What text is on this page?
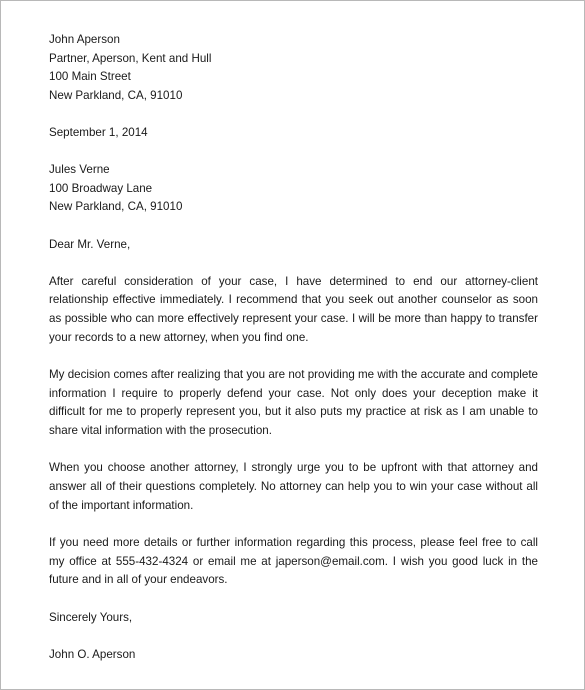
John Aperson
Partner, Aperson, Kent and Hull
100 Main Street
New Parkland, CA, 91010
September 1, 2014
Jules Verne
100 Broadway Lane
New Parkland, CA, 91010
Dear Mr. Verne,

After careful consideration of your case, I have determined to end our attorney-client relationship effective immediately. I recommend that you seek out another counselor as soon as possible who can more effectively represent your case. I will be more than happy to transfer your records to a new attorney, when you find one.

My decision comes after realizing that you are not providing me with the accurate and complete information I require to properly defend your case. Not only does your deception make it difficult for me to properly represent you, but it also puts my practice at risk as I am unable to share vital information with the prosecution.

When you choose another attorney, I strongly urge you to be upfront with that attorney and answer all of their questions completely. No attorney can help you to win your case without all of the important information.

If you need more details or further information regarding this process, please feel free to call my office at 555-432-4324 or email me at japerson@email.com. I wish you good luck in the future and in all of your endeavors.

Sincerely Yours,
John O. Aperson
